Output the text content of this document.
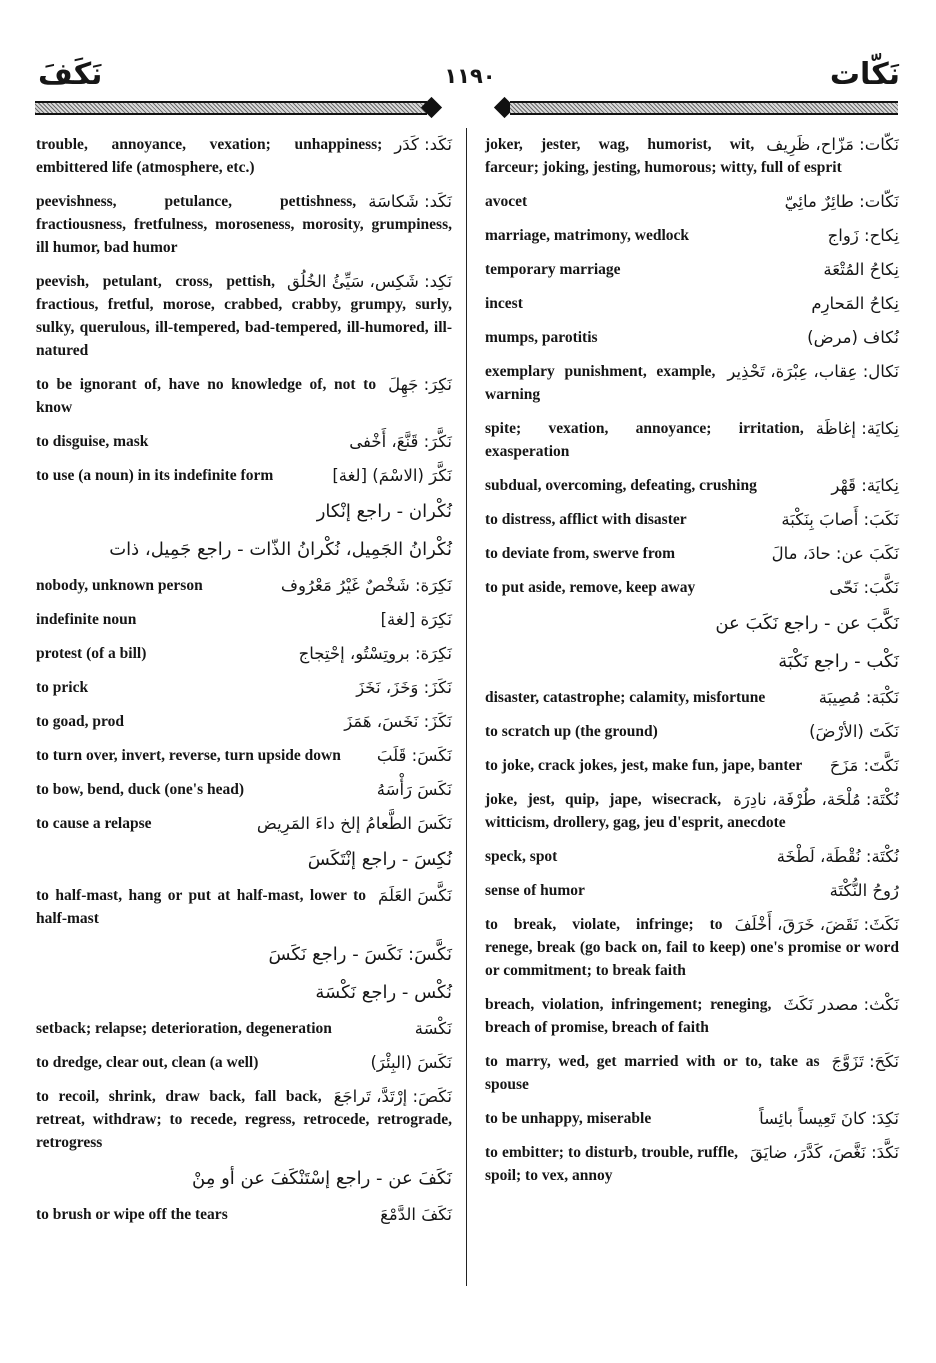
نَكَفَ	١١٩٠	نَكّات
نَكّات: مَزّاح، ظَرِيف
joker, jester, wag, humorist, wit, farceur; joking, jesting, humorous; witty, full of esprit
نَكّات: طائِرٌ مائِيّ
avocet
نِكاح: زَواج
marriage, matrimony, wedlock
نِكاحُ المُتْعَة
temporary marriage
نِكاحُ المَحارِم
incest
نُكاف (مرض)
mumps, parotitis
نَكال: عِقاب، عِبْرَة، تَحْذِير
exemplary punishment, example, warning
نِكايَة: إغاظَة
spite; vexation, annoyance; irritation, exasperation
نِكايَة: قَهْر
subdual, overcoming, defeating, crushing
نَكَبَ: أَصابَ بِنَكْبَة
to distress, afflict with disaster
نَكَبَ عن: حادَ، مالَ
to deviate from, swerve from
نَكَّبَ: نَحّى
to put aside, remove, keep away
نَكَّبَ عن - راجع نَكَبَ عن
نَكْب - راجع نَكْبَة
نَكْبَة: مُصِيبَة
disaster, catastrophe; calamity, misfortune
نَكَتَ (الأرْضَ)
to scratch up (the ground)
نَكَّتَ: مَزَحَ
to joke, crack jokes, jest, make fun, jape, banter
نُكْتَة: مُلْحَة، طُرْفَة، نادِرَة
joke, jest, quip, jape, wisecrack, witticism, drollery, gag, jeu d'esprit, anecdote
نُكْتَة: نُقْطَة، لَطْخَة
speck, spot
رُوحُ النُّكْتَة
sense of humor
نَكَثَ: نَقَضَ، خَرَقَ، أَخْلَفَ
to break, violate, infringe; to renege, break (go back on, fail to keep) one's promise or word or commitment; to break faith
نَكْث: مصدر نَكَثَ
breach, violation, infringement; reneging, breach of promise, breach of faith
نَكَحَ: تَزَوَّجَ
to marry, wed, get married with or to, take as spouse
نَكِدَ: كانَ تَعِيساً بائِساً
to be unhappy, miserable
نَكَّدَ: نَغَّصَ، كَدَّرَ، ضايَقَ
to embitter; to disturb, trouble, ruffle, spoil; to vex, annoy
نَكَد: كَدَر
trouble, annoyance, vexation; unhappiness; embittered life (atmosphere, etc.)
نَكَد: شَكاسَة
peevishness, petulance, pettishness, fractiousness, fretfulness, moroseness, morosity, grumpiness, ill humor, bad humor
نَكِد: شَكِس، سَيِّئُ الخُلُق
peevish, petulant, cross, pettish, fractious, fretful, morose, crabbed, crabby, grumpy, surly, sulky, querulous, ill-tempered, bad-tempered, ill-humored, ill-natured
نَكِرَ: جَهِلَ
to be ignorant of, have no knowledge of, not to know
نَكَّرَ: قَنَّعَ، أَخْفى
to disguise, mask
نَكَّرَ (الاسْمَ) [لغة]
to use (a noun) in its indefinite form
نُكْران - راجع إنْكار
نُكْرانُ الجَمِيل، نُكْرانُ الذّات - راجع جَمِيل، ذات
نَكِرَة: شَخْصٌ غَيْرُ مَعْرُوف
nobody, unknown person
نَكِرَة [لغة]
indefinite noun
نَكِرَة: بروتِسْتُو، إحْتِجاج
protest (of a bill)
نَكَزَ: وَخَزَ، نَخَزَ
to prick
نَكَزَ: نَخَسَ، هَمَزَ
to goad, prod
نَكَسَ: قَلَبَ
to turn over, invert, reverse, turn upside down
نَكَسَ رَأْسَهُ
to bow, bend, duck (one's head)
نَكَسَ الطَّعامُ إلخ داءَ المَرِيض
to cause a relapse
نُكِسَ - راجع إنْتَكَسَ
نَكَّسَ العَلَمَ
to half-mast, hang or put at half-mast, lower to half-mast
نَكَّسَ: نَكَسَ - راجع نَكَسَ
نُكْس - راجع نَكْسَة
نَكْسَة
setback; relapse; deterioration, degeneration
نَكَسَ (البِئْرَ)
to dredge, clear out, clean (a well)
نَكَصَ: إرْتَدَّ، تَراجَعَ
to recoil, shrink, draw back, fall back, retreat, withdraw; to recede, regress, retrocede, retrograde, retrogress
نَكَفَ عن - راجع إسْتَنْكَفَ عن أو مِنْ
نَكَفَ الدَّمْعَ
to brush or wipe off the tears
